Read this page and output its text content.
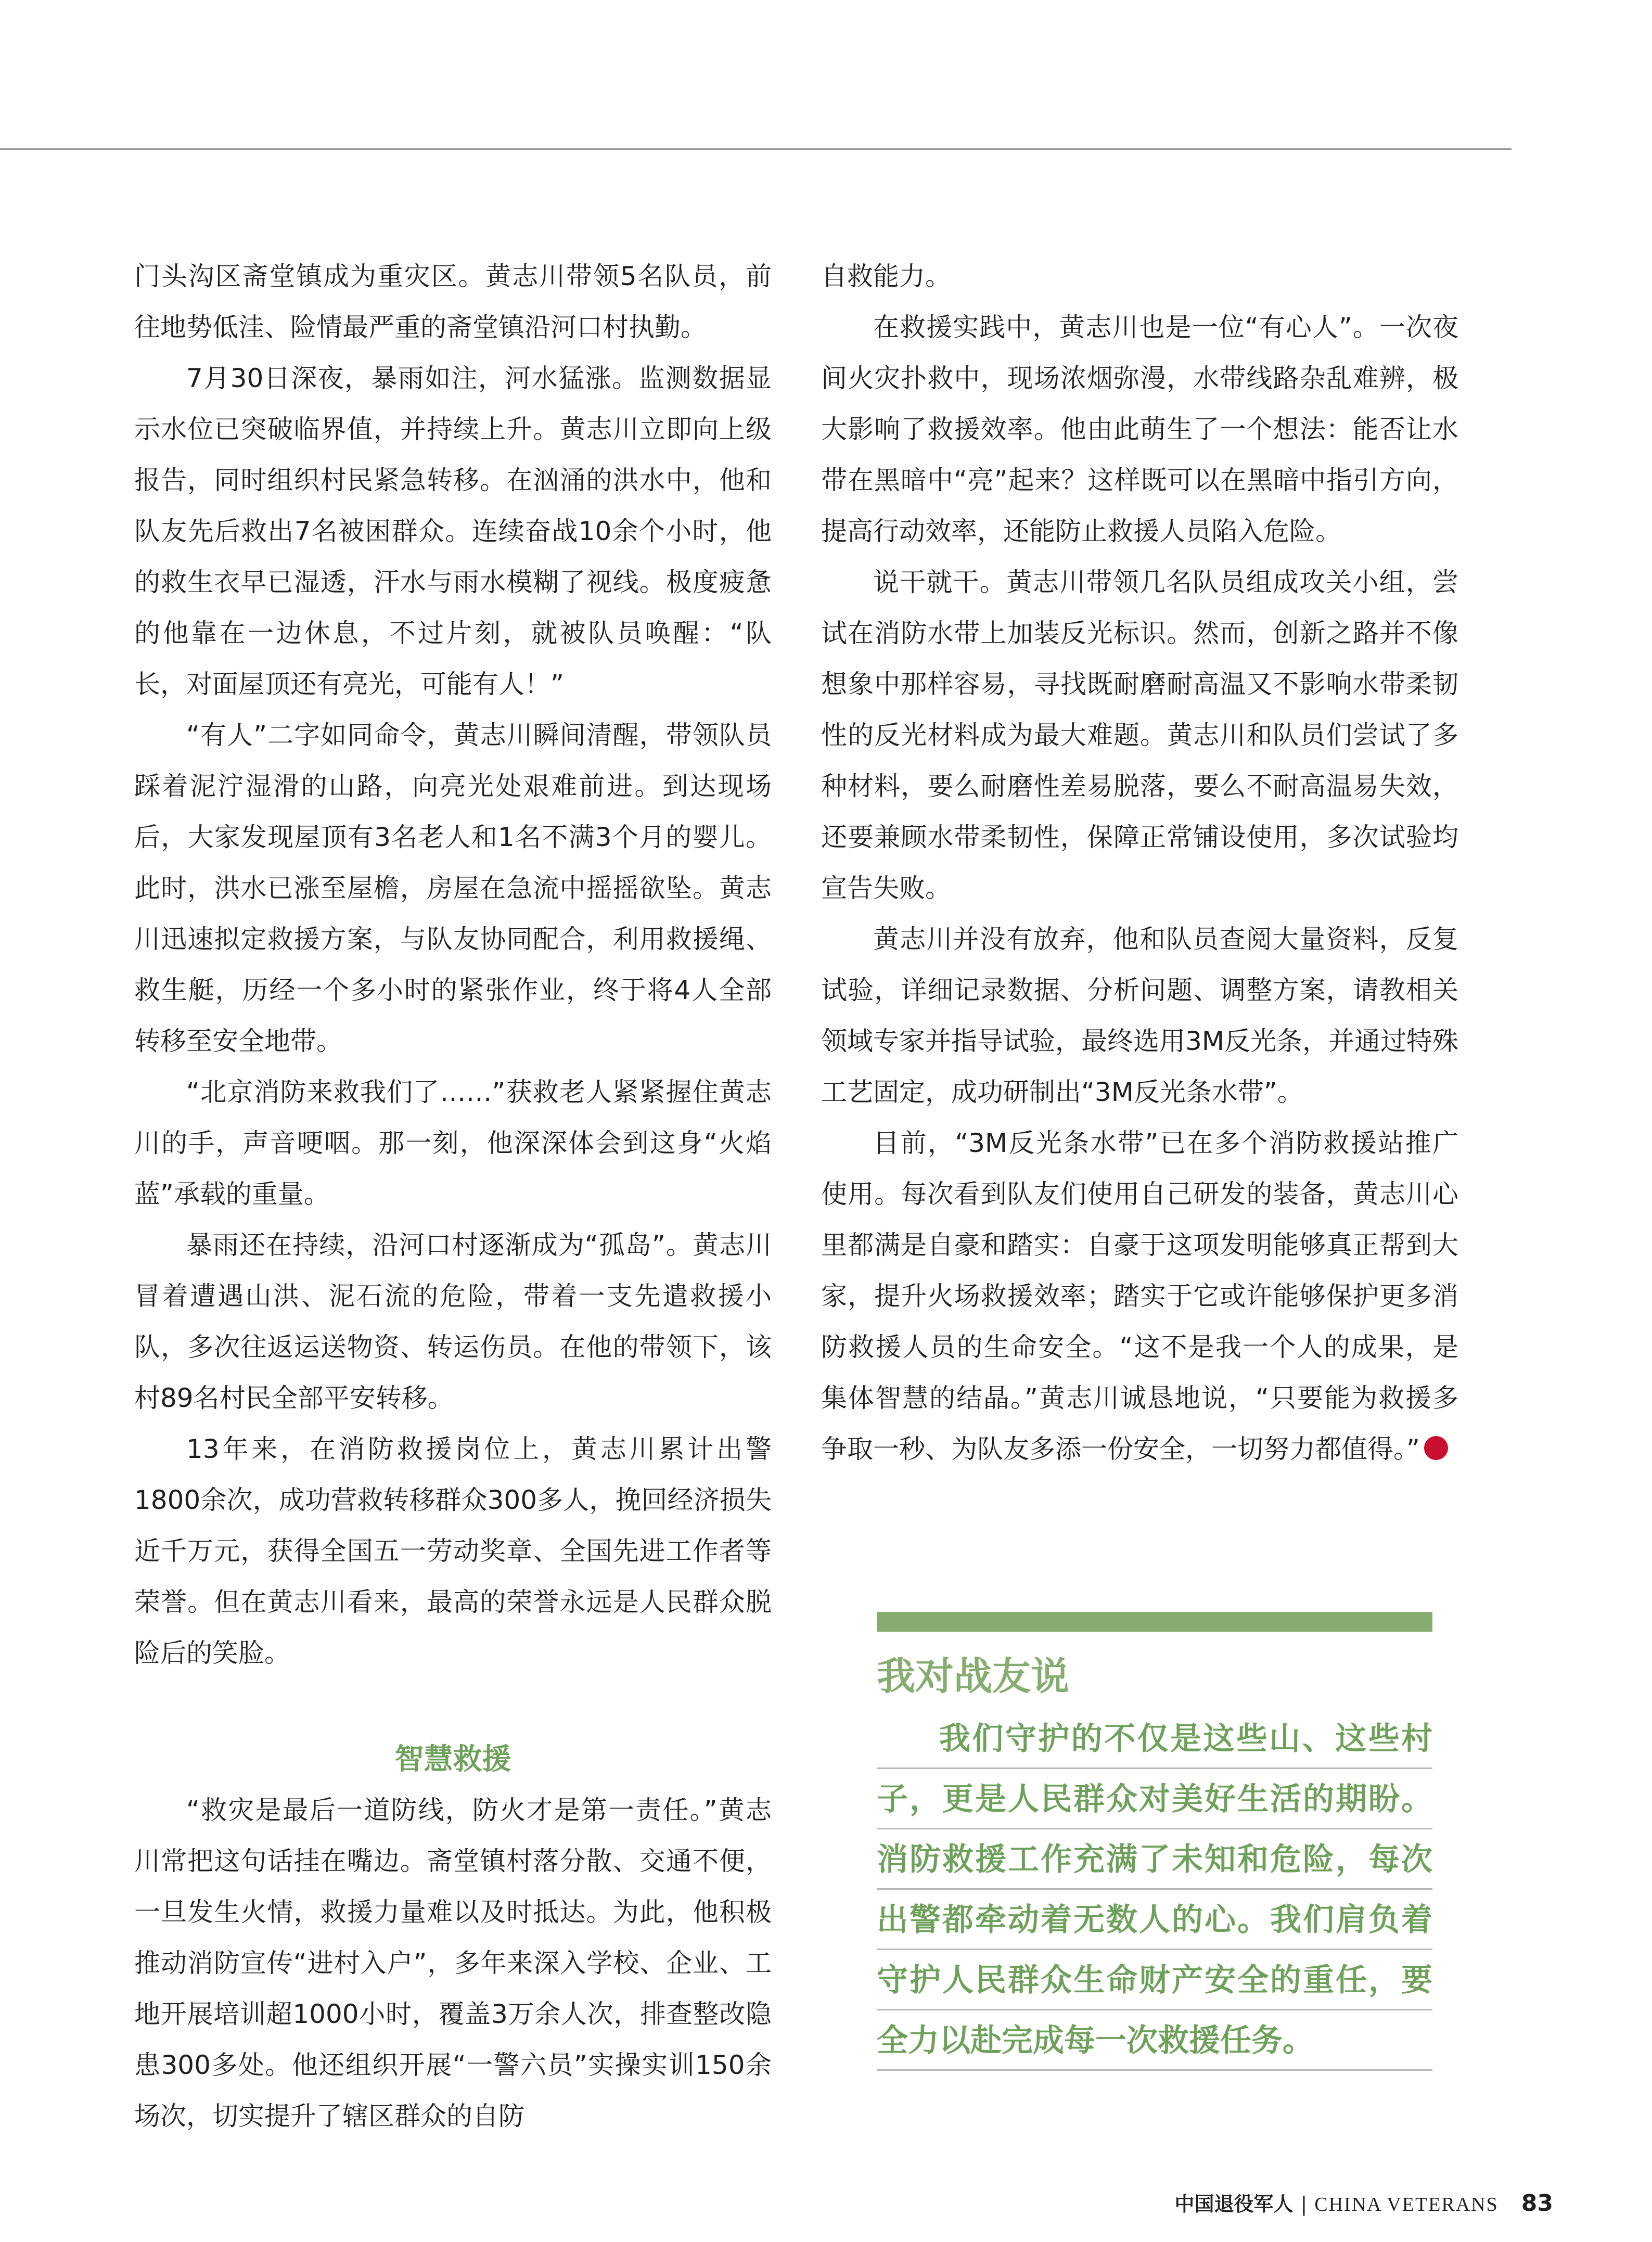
门头沟区斋堂镇成为重灾区。黄志川带领5名队员，前往地势低洼、险情最严重的斋堂镇沿河口村执勤。

7月30日深夜，暴雨如注，河水猛涨。监测数据显示水位已突破临界值，并持续上升。黄志川立即向上级报告，同时组织村民紧急转移。在汹涌的洪水中，他和队友先后救出7名被困群众。连续奋战10余个小时，他的救生衣早已湿透，汗水与雨水模糊了视线。极度疲惫的他靠在一边休息，不过片刻，就被队员唤醒：“队长，对面屋顶还有亮光，可能有人！”

“有人”二字如同命令，黄志川瞬间清醒，带领队员踩着泥泞湿滑的山路，向亮光处艰难前进。到达现场后，大家发现屋顶有3名老人和1名不满3个月的婴儿。此时，洪水已涨至屋檐，房屋在急流中摇摇欲坠。黄志川迅速拟定救援方案，与队友协同配合，利用救援绳、救生艇，历经一个多小时的紧张作业，终于将4人全部转移至安全地带。

“北京消防来救我们了……”获救老人紧紧握住黄志川的手，声音哽咽。那一刻，他深深体会到这身“火焰蓝”承载的重量。

暴雨还在持续，沿河口村逐渐成为“孤岛”。黄志川冒着遭遇山洪、泥石流的危险，带着一支先遣救援小队，多次往返运送物资、转运伤员。在他的带领下，该村89名村民全部平安转移。

13年来，在消防救援岗位上，黄志川累计出警1800余次，成功营救转移群众300多人，挽回经济损失近千万元，获得全国五一劳动奖章、全国先进工作者等荣誉。但在黄志川看来，最高的荣誉永远是人民群众脱险后的笑脸。

智慧救援

“救灾是最后一道防线，防火才是第一责任。”黄志川常把这句话挂在嘴边。斋堂镇村落分散、交通不便，一旦发生火情，救援力量难以及时抵达。为此，他积极推动消防宣传“进村入户”，多年来深入学校、企业、工地开展培训超1000小时，覆盖3万余人次，排查整改隐患300多处。他还组织开展“一警六员”实操实训150余场次，切实提升了辖区群众的自防

自救能力。

在救援实践中，黄志川也是一位“有心人”。一次夜间火灾扑救中，现场浓烟弥漫，水带线路杂乱难辨，极大影响了救援效率。他由此萌生了一个想法：能否让水带在黑暗中“亮”起来？这样既可以在黑暗中指引方向，提高行动效率，还能防止救援人员陷入危险。

说干就干。黄志川带领几名队员组成攻关小组，尝试在消防水带上加装反光标识。然而，创新之路并不像想象中那样容易，寻找既耐磨耐高温又不影响水带柔韧性的反光材料成为最大难题。黄志川和队员们尝试了多种材料，要么耐磨性差易脱落，要么不耐高温易失效，还要兼顾水带柔韧性，保障正常铺设使用，多次试验均宣告失败。

黄志川并没有放弃，他和队员查阅大量资料，反复试验，详细记录数据、分析问题、调整方案，请教相关领域专家并指导试验，最终选用3M反光条，并通过特殊工艺固定，成功研制出“3M反光条水带”。

目前，“3M反光条水带”已在多个消防救援站推广使用。每次看到队友们使用自己研发的装备，黄志川心里都满是自豪和踏实：自豪于这项发明能够真正帮到大家，提升火场救援效率；踏实于它或许能够保护更多消防救援人员的生命安全。“这不是我一个人的成果，是集体智慧的结晶。”黄志川诚恳地说，“只要能为救援多争取一秒、为队友多添一份安全，一切努力都值得。”	V

我对战友说
我们守护的不仅是这些山、这些村子，更是人民群众对美好生活的期盼。消防救援工作充满了未知和危险，每次出警都牵动着无数人的心。我们肩负着守护人民群众生命财产安全的重任，要全力以赴完成每一次救援任务。
中国退役军人 | CHINA VETERANS 83
